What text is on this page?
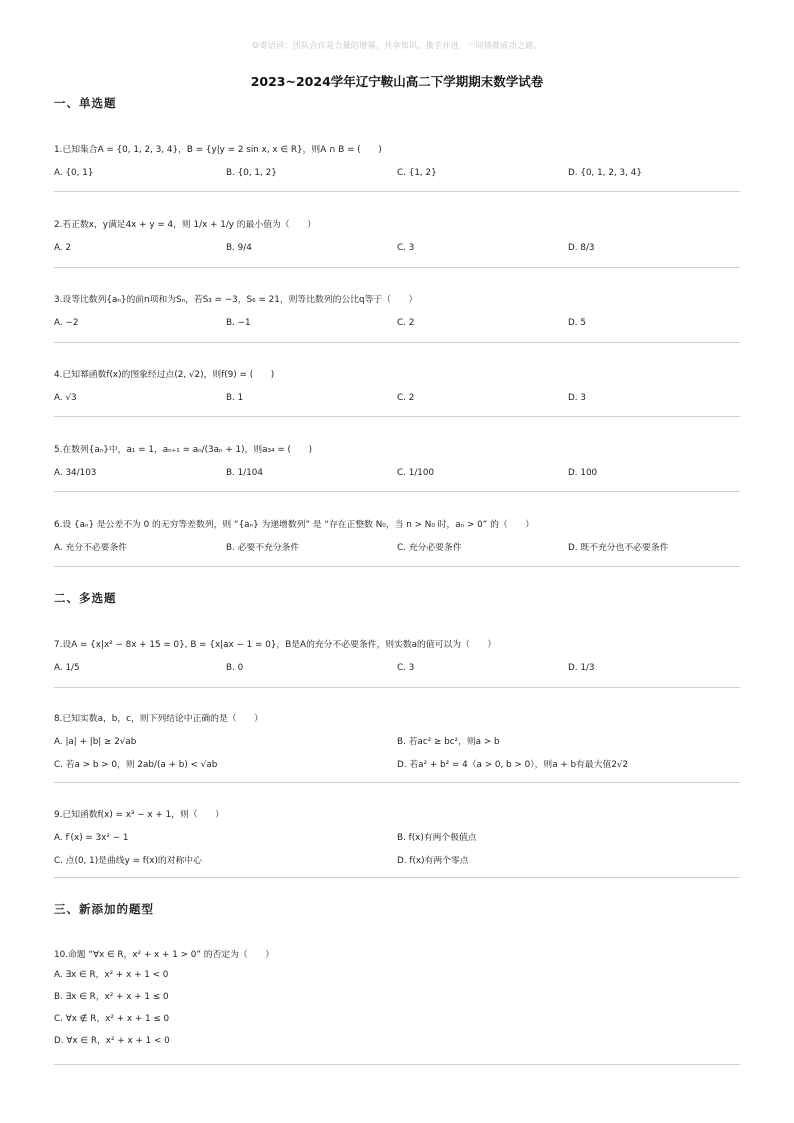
☺寄语同：团队合作是力量的增幂，共享知识、携手并进，一同铸就成功之路。
2023~2024学年辽宁鞍山高二下学期期末数学试卷
一、单选题
1.已知集合A = {0, 1, 2, 3, 4}，B = {y|y = 2 sin x, x ∈ R}，则A ∩ B = (　　)
A. {0, 1}	B. {0, 1, 2}	C. {1, 2}	D. {0, 1, 2, 3, 4}
2.若正数x，y满足4x + y = 4，则 1/x + 1/y 的最小值为（　　）
A. 2	B. 9/4	C. 3	D. 8/3
3.设等比数列{aₙ}的前n项和为Sₙ，若S₃ = −3，S₆ = 21，则等比数列的公比q等于（　　）
A. −2	B. −1	C. 2	D. 5
4.已知幂函数f(x)的图象经过点(2, √2)，则f(9) = (　　)
A. √3	B. 1	C. 2	D. 3
5.在数列{aₙ}中，a₁ = 1，aₙ₊₁ = aₙ/(3aₙ + 1)，则a₃₄ = (　　)
A. 34/103	B. 1/104	C. 1/100	D. 100
6.设 {aₙ} 是公差不为 0 的无穷等差数列，则 “{aₙ} 为递增数列” 是 “存在正整数 N₀，当 n > N₀ 时，aₙ > 0” 的（　　）
A. 充分不必要条件	B. 必要不充分条件	C. 充分必要条件	D. 既不充分也不必要条件
二、多选题
7.设A = {x|x² − 8x + 15 = 0}, B = {x|ax − 1 = 0}，B是A的充分不必要条件，则实数a的值可以为（　　）
A. 1/5	B. 0	C. 3	D. 1/3
8.已知实数a，b，c，则下列结论中正确的是（　　）
A. |a| + |b| ≥ 2√ab	B. 若ac² ≥ bc²，则a > b
C. 若a > b > 0，则 2ab/(a + b) < √ab	D. 若a² + b² = 4（a > 0, b > 0），则a + b有最大值2√2
9.已知函数f(x) = x³ − x + 1，则（　　）
A. f′(x) = 3x² − 1	B. f(x)有两个极值点
C. 点(0, 1)是曲线y = f(x)的对称中心	D. f(x)有两个零点
三、新添加的题型
10.命题 “∀x ∈ R，x² + x + 1 > 0” 的否定为（　　）
A. ∃x ∈ R，x² + x + 1 < 0
B. ∃x ∈ R，x² + x + 1 ≤ 0
C. ∀x ∉ R，x² + x + 1 ≤ 0
D. ∀x ∈ R，x² + x + 1 < 0
